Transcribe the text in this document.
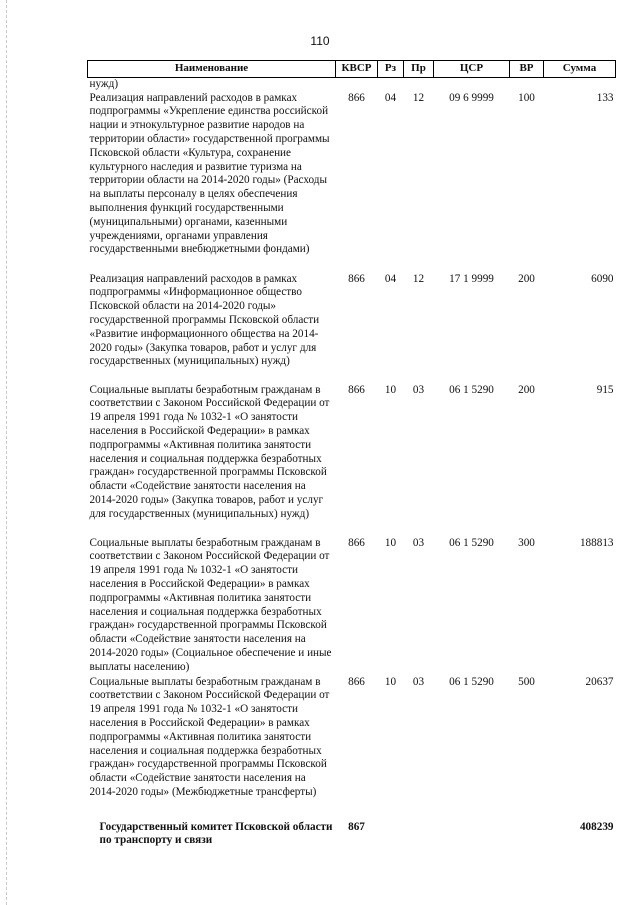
110
Наименование	КВСР	Рз	Пр	ЦСР	ВР	Сумма
нужд)						
Реализация направлений расходов в рамках подпрограммы «Укрепление единства российской нации и этнокультурное развитие народов на территории области» государственной программы Псковской области «Культура, сохранение культурного наследия и развитие туризма на территории области на 2014-2020 годы» (Расходы на выплаты персоналу в целях обеспечения выполнения функций государственными (муниципальными) органами, казенными учреждениями, органами управления государственными внебюджетными фондами)	866	04	12	09 6 9999	100	133
Реализация направлений расходов в рамках подпрограммы «Информационное общество Псковской области на 2014-2020 годы» государственной программы Псковской области «Развитие информационного общества на 2014-2020 годы» (Закупка товаров, работ и услуг для государственных (муниципальных) нужд)	866	04	12	17 1 9999	200	6090
Социальные выплаты безработным гражданам в соответствии с Законом Российской Федерации от 19 апреля 1991 года № 1032-1 «О занятости населения в Российской Федерации» в рамках подпрограммы «Активная политика занятости населения и социальная поддержка безработных граждан» государственной программы Псковской области «Содействие занятости населения на 2014-2020 годы» (Закупка товаров, работ и услуг для государственных (муниципальных) нужд)	866	10	03	06 1 5290	200	915
Социальные выплаты безработным гражданам в соответствии с Законом Российской Федерации от 19 апреля 1991 года № 1032-1 «О занятости населения в Российской Федерации» в рамках подпрограммы «Активная политика занятости населения и социальная поддержка безработных граждан» государственной программы Псковской области «Содействие занятости населения на 2014-2020 годы» (Социальное обеспечение и иные выплаты населению)	866	10	03	06 1 5290	300	188813
Социальные выплаты безработным гражданам в соответствии с Законом Российской Федерации от 19 апреля 1991 года № 1032-1 «О занятости населения в Российской Федерации» в рамках подпрограммы «Активная политика занятости населения и социальная поддержка безработных граждан» государственной программы Псковской области «Содействие занятости населения на 2014-2020 годы» (Межбюджетные трансферты)	866	10	03	06 1 5290	500	20637
Государственный комитет Псковской области по транспорту и связи	867					408239
